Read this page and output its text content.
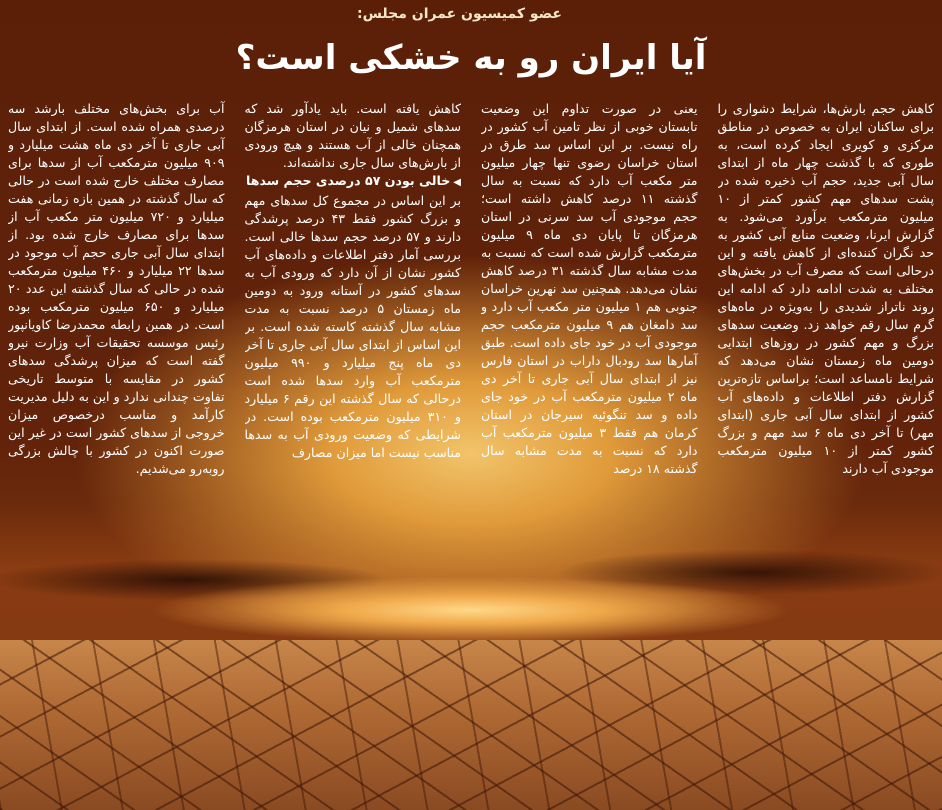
عضو کمیسیون عمران مجلس:
آیا ایران رو به خشکی است؟

کاهش حجم بارش‌ها، شرایط دشواری را برای ساکنان ایران به خصوص در مناطق مرکزی و کویری ایجاد کرده است، به طوری که با گذشت چهار ماه از ابتدای سال آبی جدید، حجم آب ذخیره شده در پشت سدهای مهم کشور کمتر از ۱۰ میلیون مترمکعب برآورد می‌شود. به گزارش ایرنا، وضعیت منابع آبی کشور به حد نگران کننده‌ای از کاهش یافته و این درحالی است که مصرف آب در بخش‌های مختلف به شدت ادامه دارد که ادامه این روند ناتراز شدیدی را به‌ویژه در ماه‌های گرم سال رقم خواهد زد. وضعیت سدهای بزرگ و مهم کشور در روزهای ابتدایی دومین ماه زمستان نشان می‌دهد که شرایط نامساعد است؛ براساس تازه‌ترین گزارش دفتر اطلاعات و داده‌های آب کشور از ابتدای سال آبی جاری (ابتدای مهر) تا آخر دی ماه ۶ سد مهم و بزرگ کشور کمتر از ۱۰ میلیون مترمکعب موجودی آب دارند

یعنی در صورت تداوم این وضعیت تابستان خوبی از نظر تامین آب کشور در راه نیست. بر این اساس سد طرق در استان خراسان رضوی تنها چهار میلیون متر مکعب آب دارد که نسبت به سال گذشته ۱۱ درصد کاهش داشته است؛ حجم موجودی آب سد سرنی در استان هرمزگان تا پایان دی ماه ۹ میلیون مترمکعب گزارش شده است که نسبت به مدت مشابه سال گذشته ۳۱ درصد کاهش نشان می‌دهد. همچنین سد نهرین خراسان جنوبی هم ۱ میلیون متر مکعب آب دارد و سد دامغان هم ۹ میلیون مترمکعب حجم موجودی آب در خود جای داده است. طبق آمارها سد رودبال داراب در استان فارس نیز از ابتدای سال آبی جاری تا آخر دی ماه ۲ میلیون مترمکعب آب در خود جای داده و سد تنگوئیه سیرجان در استان کرمان هم فقط ۳ میلیون مترمکعب آب دارد که نسبت به مدت مشابه سال گذشته ۱۸ درصد

کاهش یافته است. باید یادآور شد که سدهای شمیل و نیان در استان هرمزگان همچنان خالی از آب هستند و هیچ ورودی از بارش‌های سال جاری نداشته‌اند.

◀ خالی بودن ۵۷ درصدی حجم سدها

بر این اساس در مجموع کل سدهای مهم و بزرگ کشور فقط ۴۳ درصد پرشدگی دارند و ۵۷ درصد حجم سدها خالی است. بررسی آمار دفتر اطلاعات و داده‌های آب کشور نشان از آن دارد که ورودی آب به سدهای کشور در آستانه ورود به دومین ماه زمستان ۵ درصد نسبت به مدت مشابه سال گذشته کاسته شده است. بر این اساس از ابتدای سال آبی جاری تا آخر دی ماه پنج میلیارد و ۹۹۰ میلیون مترمکعب آب وارد سدها شده است درحالی که سال گذشته این رقم ۶ میلیارد و ۳۱۰ میلیون مترمکعب بوده است. در شرایطی که وضعیت ورودی آب به سدها مناسب نیست اما میزان مصارف

آب برای بخش‌های مختلف بارشد سه درصدی همراه شده است. از ابتدای سال آبی جاری تا آخر دی ماه هشت میلیارد و ۹۰۹ میلیون مترمکعب آب از سدها برای مصارف مختلف خارج شده است در حالی که سال گذشته در همین بازه زمانی هفت میلیارد و ۷۲۰ میلیون متر مکعب آب از سدها برای مصارف خارج شده بود. از ابتدای سال آبی جاری حجم آب موجود در سدها ۲۲ میلیارد و ۴۶۰ میلیون مترمکعب شده در حالی که سال گذشته این عدد ۲۰ میلیارد و ۶۵۰ میلیون مترمکعب بوده است. در همین رابطه محمدرضا کاویانپور رئیس موسسه تحقیقات آب وزارت نیرو گفته است که میزان پرشدگی سدهای کشور در مقایسه با متوسط تاریخی تفاوت چندانی ندارد و این به دلیل مدیریت کارآمد و مناسب درخصوص میزان خروجی از سدهای کشور است در غیر این صورت اکنون در کشور با چالش بزرگی روبه‌رو می‌شدیم.
